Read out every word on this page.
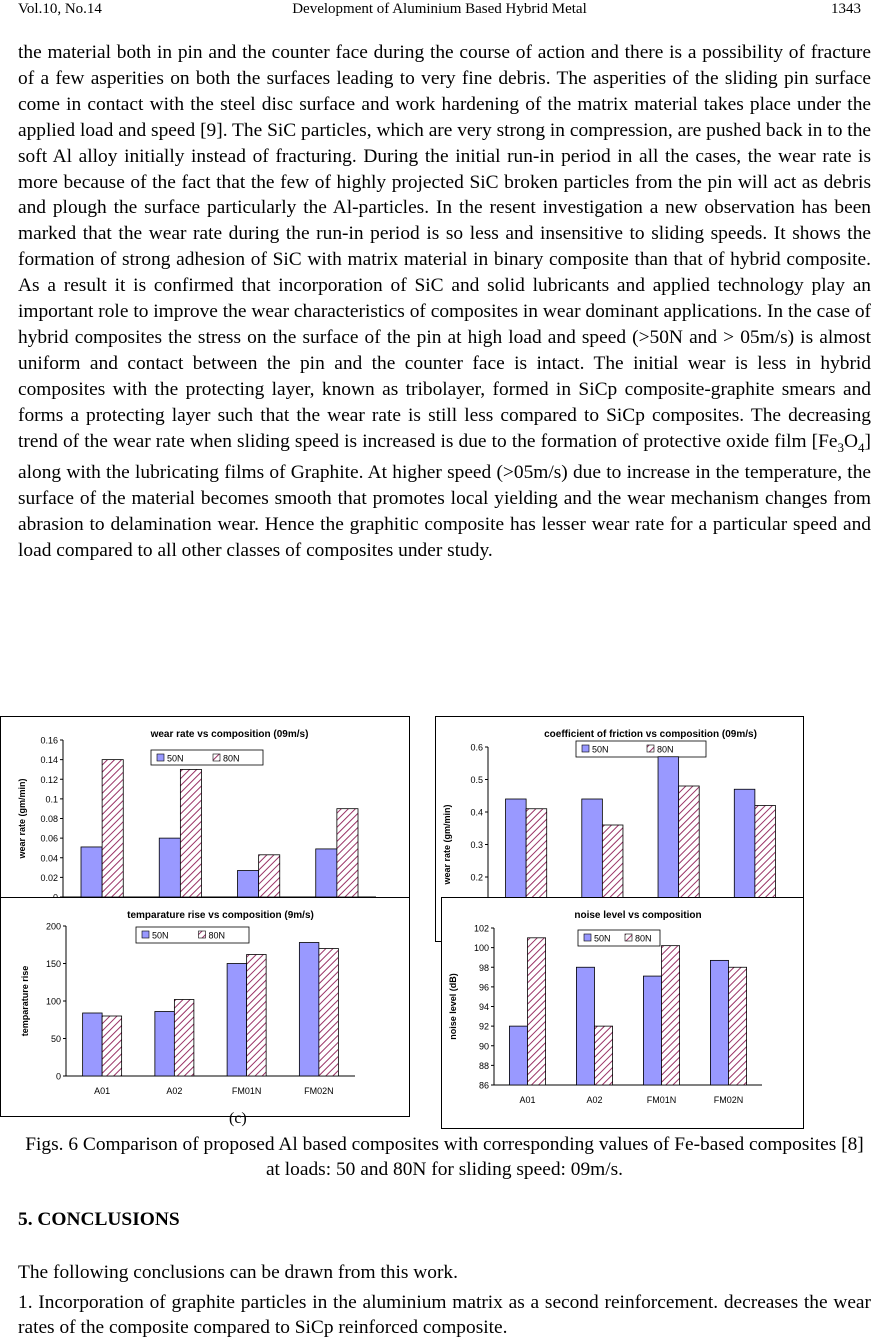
Vol.10, No.14	Development of Aluminium Based Hybrid Metal	1343

the material both in pin and the counter face during the course of action and there is a possibility of fracture of a few asperities on both the surfaces leading to very fine debris. The asperities of the sliding pin surface come in contact with the steel disc surface and work hardening of the matrix material takes place under the applied load and speed [9]. The SiC particles, which are very strong in compression, are pushed back in to the soft Al alloy initially instead of fracturing. During the initial run-in period in all the cases, the wear rate is more because of the fact that the few of highly projected SiC broken particles from the pin will act as debris and plough the surface particularly the Al-particles. In the resent investigation a new observation has been marked that the wear rate during the run-in period is so less and insensitive to sliding speeds. It shows the formation of strong adhesion of SiC with matrix material in binary composite than that of hybrid composite. As a result it is confirmed that incorporation of SiC and solid lubricants and applied technology play an important role to improve the wear characteristics of composites in wear dominant applications. In the case of hybrid composites the stress on the surface of the pin at high load and speed (>50N and > 05m/s) is almost uniform and contact between the pin and the counter face is intact. The initial wear is less in hybrid composites with the protecting layer, known as tribolayer, formed in SiCp composite-graphite smears and forms a protecting layer such that the wear rate is still less compared to SiCp composites. The decreasing trend of the wear rate when sliding speed is increased is due to the formation of protective oxide film $[Fe_3O_4]$ along with the lubricating films of Graphite. At higher speed (>05m/s) due to increase in the temperature, the surface of the material becomes smooth that promotes local yielding and the wear mechanism changes from abrasion to delamination wear. Hence the graphitic composite has lesser wear rate for a particular speed and load compared to all other classes of composites under study.

wear rate vs composition (09m/s)
50N	80N
0.02
0.04
0.06
0.08
0.1
0.12
0.14
0.16
wear rate (gm/min)
coefficient of friction vs composition (09m/s)
50N	80N
0.2
0.3
0.4
0.5
0.6
wear rate (gm/min)
temparature rise vs composition (9m/s)
50N	80N
0
50
100
150
200
temparature rise
A01	A02	FM01N	FM02N
noise level vs composition
50N	80N
86
88
90
92
94
96
98
100
102
noise level (dB)
A01	A02	FM01N	FM02N
(c)

Figs. 6 Comparison of proposed Al based composites with corresponding values of Fe-based composites [8] at loads: 50 and 80N for sliding speed: 09m/s.

5. CONCLUSIONS

The following conclusions can be drawn from this work.

1. Incorporation of graphite particles in the aluminium matrix as a second reinforcement. decreases the wear rates of the composite compared to SiCp reinforced composite.
